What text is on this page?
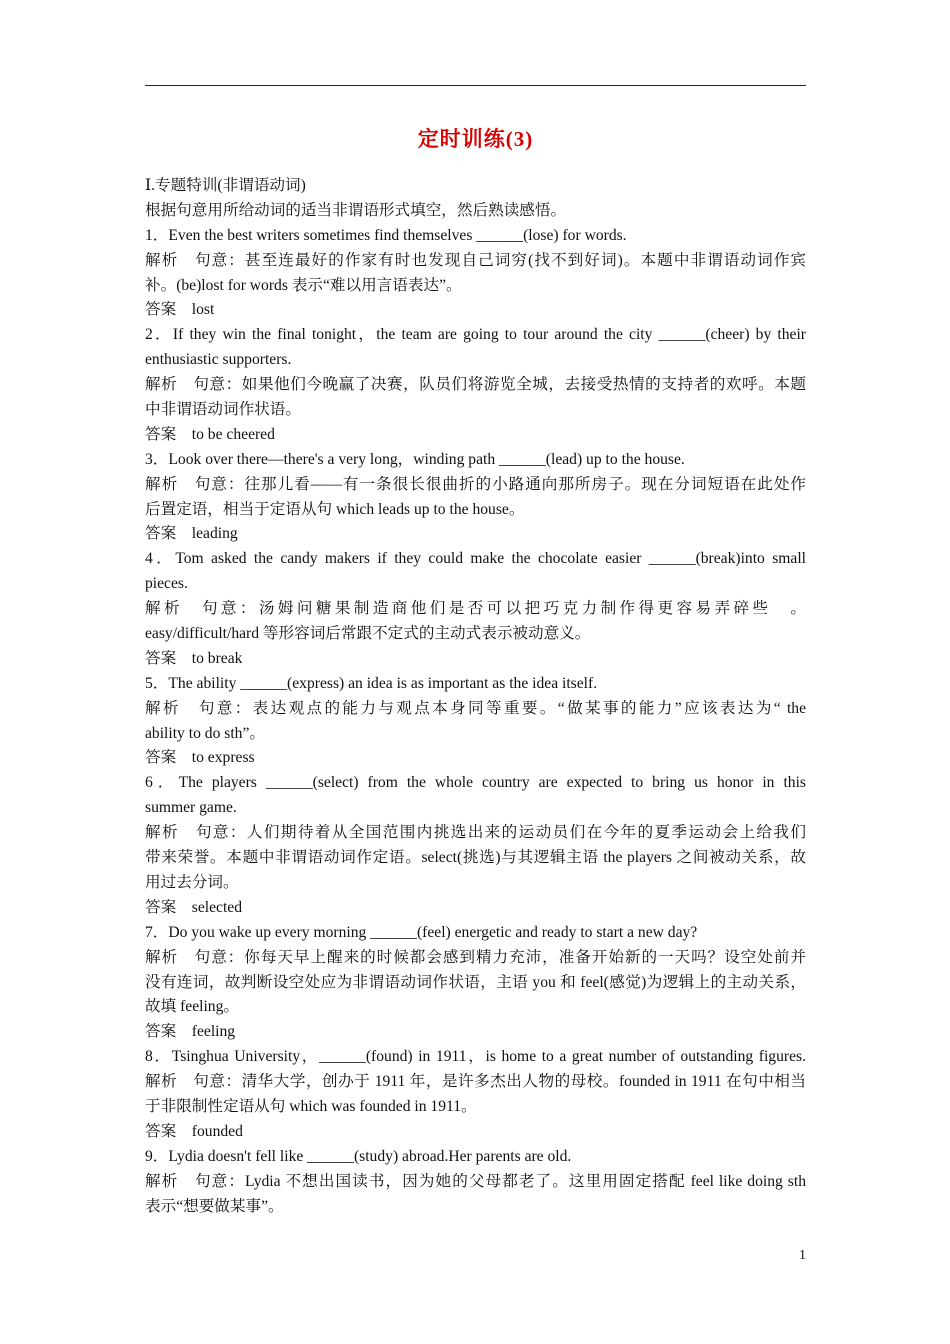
定时训练(3)
Ⅰ.专题特训(非谓语动词)
根据句意用所给动词的适当非谓语形式填空，然后熟读感悟。
1．Even the best writers sometimes find themselves ______(lose) for words.
解析　句意：甚至连最好的作家有时也发现自己词穷(找不到好词)。本题中非谓语动词作宾
补。(be)lost for words 表示“难以用言语表达”。
答案　lost
2．If they win the final tonight，the team are going to tour around the city ______(cheer) by their
enthusiastic supporters.
解析　句意：如果他们今晚赢了决赛，队员们将游览全城，去接受热情的支持者的欢呼。本题
中非谓语动词作状语。
答案　to be cheered
3．Look over there—there's a very long，winding path ______(lead) up to the house.
解析　句意：往那儿看——有一条很长很曲折的小路通向那所房子。现在分词短语在此处作
后置定语，相当于定语从句 which leads up to the house。
答案　leading
4．Tom asked the candy makers if they could make the chocolate easier ______(break)into small
pieces.
解析　句意：汤姆问糖果制造商他们是否可以把巧克力制作得更容易弄碎些　。
easy/difficult/hard 等形容词后常跟不定式的主动式表示被动意义。
答案　to break
5．The ability ______(express) an idea is as important as the idea itself.
解析　句意：表达观点的能力与观点本身同等重要。“做某事的能力”应该表达为“ the
ability to do sth”。
答案　to express
6．The players ______(select) from the whole country are expected to bring us honor in this
summer game.
解析　句意：人们期待着从全国范围内挑选出来的运动员们在今年的夏季运动会上给我们
带来荣誉。本题中非谓语动词作定语。select(挑选)与其逻辑主语 the players 之间被动关系，故
用过去分词。
答案　selected
7．Do you wake up every morning ______(feel) energetic and ready to start a new day?
解析　句意：你每天早上醒来的时候都会感到精力充沛，准备开始新的一天吗？设空处前并
没有连词，故判断设空处应为非谓语动词作状语，主语 you 和 feel(感觉)为逻辑上的主动关系，
故填 feeling。
答案　feeling
8．Tsinghua University，______(found) in 1911，is home to a great number of outstanding figures.
解析　句意：清华大学，创办于 1911 年，是许多杰出人物的母校。founded in 1911 在句中相当
于非限制性定语从句 which was founded in 1911。
答案　founded
9．Lydia doesn't fell like ______(study) abroad.Her parents are old.
解析　句意：Lydia 不想出国读书，因为她的父母都老了。这里用固定搭配 feel like doing sth
表示“想要做某事”。
1
